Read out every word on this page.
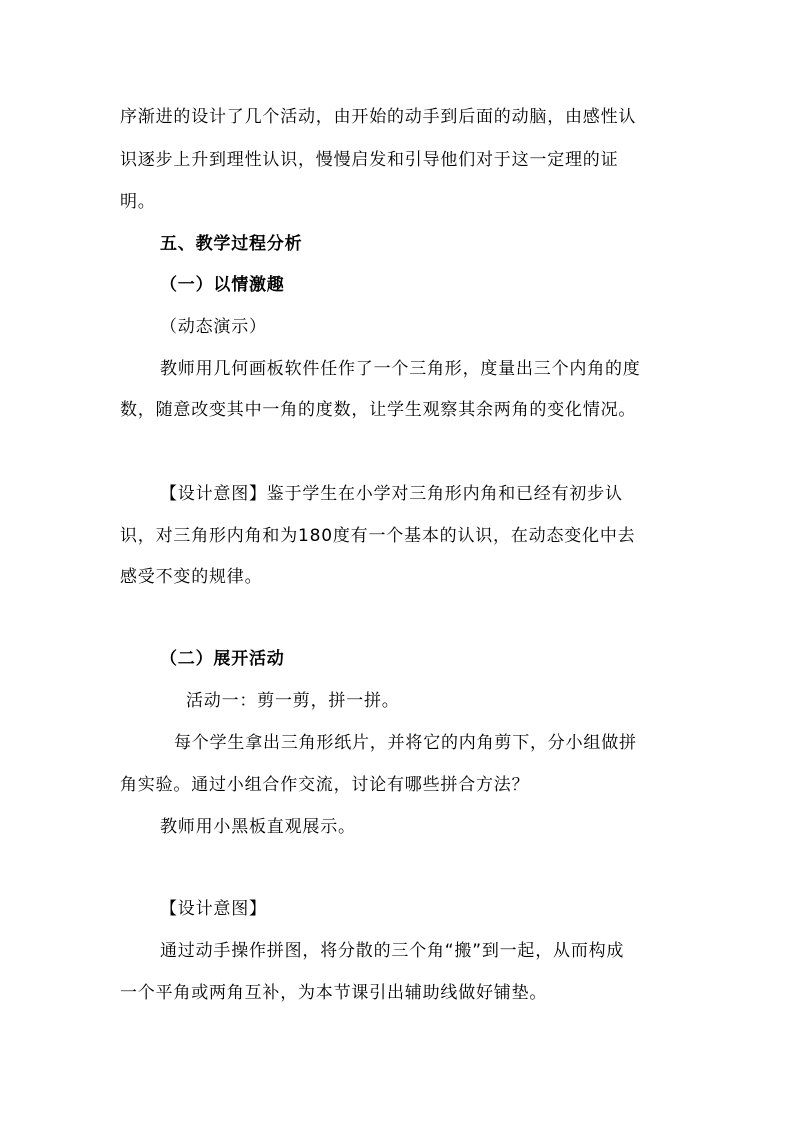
序渐进的设计了几个活动，由开始的动手到后面的动脑，由感性认
识逐步上升到理性认识，慢慢启发和引导他们对于这一定理的证
明。
五、教学过程分析
（一）以情激趣
（动态演示）
教师用几何画板软件任作了一个三角形，度量出三个内角的度
数，随意改变其中一角的度数，让学生观察其余两角的变化情况。
【设计意图】鉴于学生在小学对三角形内角和已经有初步认
识，对三角形内角和为180度有一个基本的认识，在动态变化中去
感受不变的规律。
（二）展开活动
活动一：剪一剪，拼一拼。
每个学生拿出三角形纸片，并将它的内角剪下，分小组做拼
角实验。通过小组合作交流，讨论有哪些拼合方法？
教师用小黑板直观展示。
【设计意图】
通过动手操作拼图，将分散的三个角“搬”到一起，从而构成
一个平角或两角互补，为本节课引出辅助线做好铺垫。
